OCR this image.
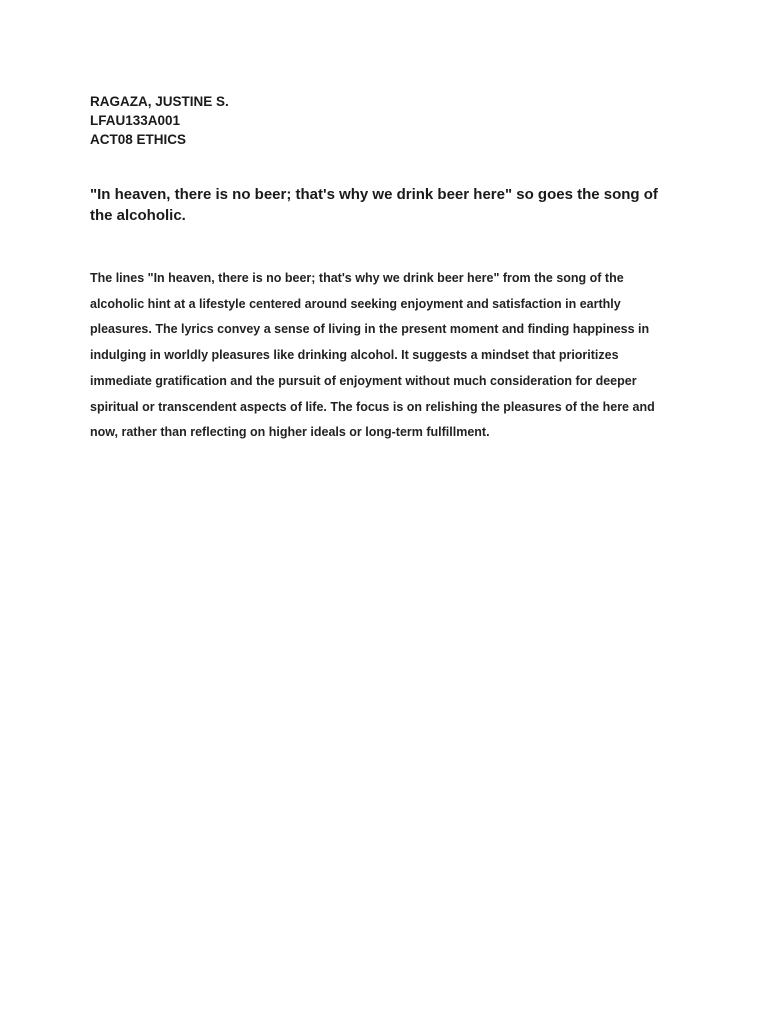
RAGAZA, JUSTINE S.

LFAU133A001

ACT08 ETHICS

"In heaven, there is no beer; that's why we drink beer here" so goes the song of the alcoholic.

The lines "In heaven, there is no beer; that's why we drink beer here" from the song of the alcoholic hint at a lifestyle centered around seeking enjoyment and satisfaction in earthly pleasures. The lyrics convey a sense of living in the present moment and finding happiness in indulging in worldly pleasures like drinking alcohol. It suggests a mindset that prioritizes immediate gratification and the pursuit of enjoyment without much consideration for deeper spiritual or transcendent aspects of life. The focus is on relishing the pleasures of the here and now, rather than reflecting on higher ideals or long-term fulfillment.
